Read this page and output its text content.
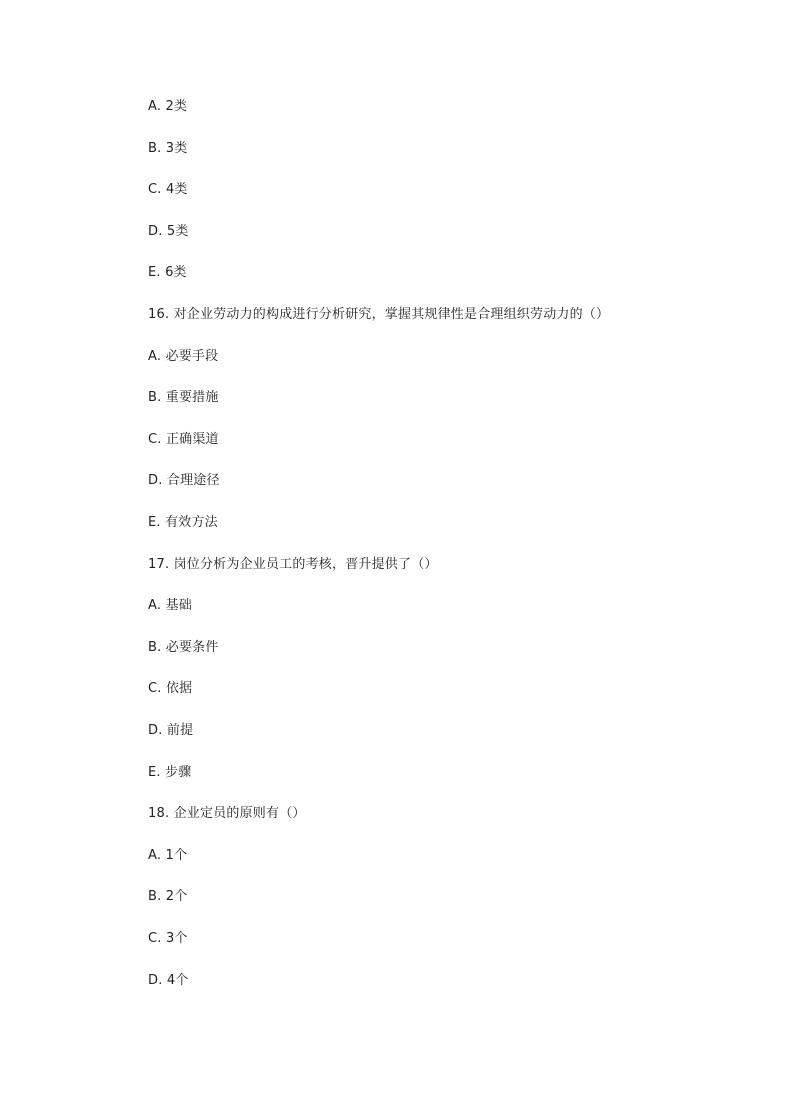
A. 2类
B. 3类
C. 4类
D. 5类
E. 6类
16. 对企业劳动力的构成进行分析研究，掌握其规律性是合理组织劳动力的（）
A. 必要手段
B. 重要措施
C. 正确渠道
D. 合理途径
E. 有效方法
17. 岗位分析为企业员工的考核，晋升提供了（）
A. 基础
B. 必要条件
C. 依据
D. 前提
E. 步骤
18. 企业定员的原则有（）
A. 1个
B. 2个
C. 3个
D. 4个
